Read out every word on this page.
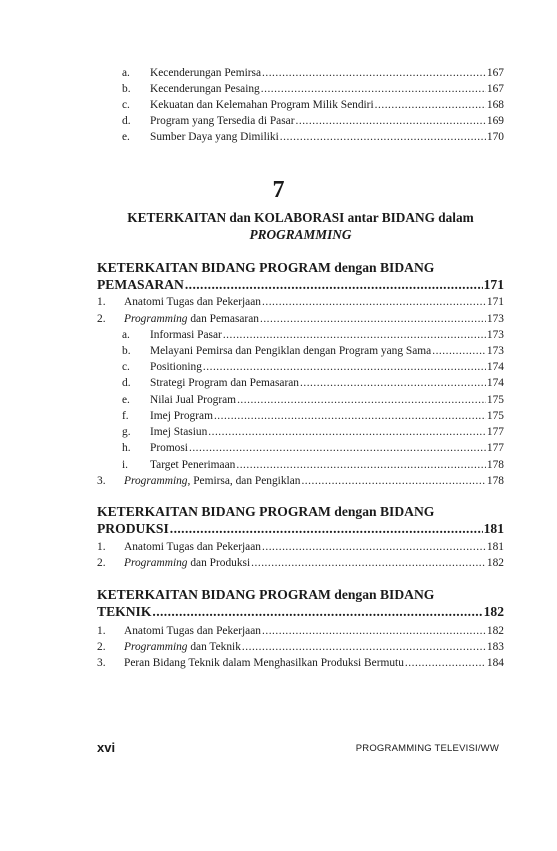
a. Kecenderungan Pemirsa .....	167
b. Kecenderungan Pesaing .....	167
c. Kekuatan dan Kelemahan Program Milik Sendiri .....	168
d. Program yang Tersedia di Pasar .....	169
e. Sumber Daya yang Dimiliki .....	170
7
KETERKAITAN dan KOLABORASI antar BIDANG dalam
PROGRAMMING
KETERKAITAN BIDANG PROGRAM dengan BIDANG
PEMASARAN .....	171
1. Anatomi Tugas dan Pekerjaan .....	171
2. Programming dan Pemasaran .....	173
a. Informasi Pasar .....	173
b. Melayani Pemirsa dan Pengiklan dengan Program yang Sama .....	173
c. Positioning .....	174
d. Strategi Program dan Pemasaran .....	174
e. Nilai Jual Program .....	175
f. Imej Program .....	175
g. Imej Stasiun .....	177
h. Promosi .....	177
i. Target Penerimaan .....	178
3. Programming, Pemirsa, dan Pengiklan .....	178
KETERKAITAN BIDANG PROGRAM dengan BIDANG
PRODUKSI .....	181
1. Anatomi Tugas dan Pekerjaan .....	181
2. Programming dan Produksi .....	182
KETERKAITAN BIDANG PROGRAM dengan BIDANG
TEKNIK .....	182
1. Anatomi Tugas dan Pekerjaan .....	182
2. Programming dan Teknik .....	183
3. Peran Bidang Teknik dalam Menghasilkan Produksi Bermutu .....	184
xvi	PROGRAMMING TELEVISI/WW
